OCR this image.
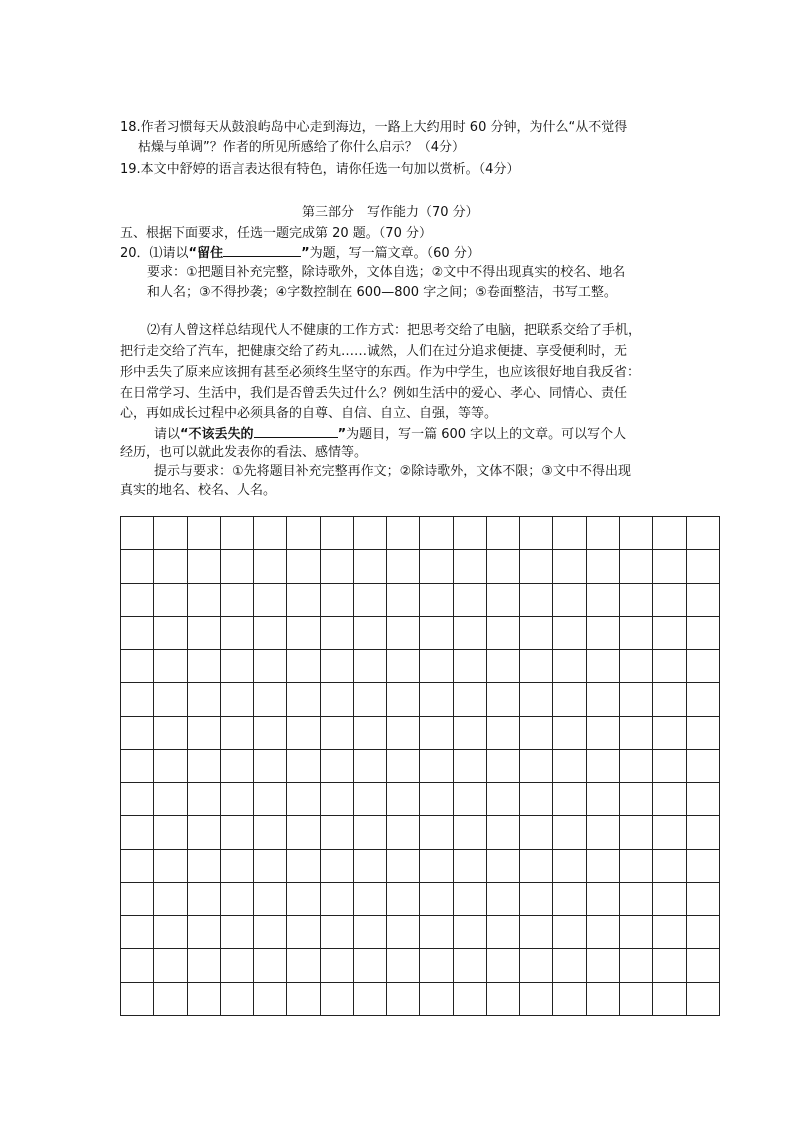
18.作者习惯每天从鼓浪屿岛中心走到海边，一路上大约用时 60 分钟，为什么“从不觉得
枯燥与单调”？作者的所见所感给了你什么启示？（4分）
19.本文中舒婷的语言表达很有特色，请你任选一句加以赏析。（4分）
第三部分　写作能力（70 分）
五、根据下面要求，任选一题完成第 20 题。（70 分）
20．⑴请以“留住	”为题，写一篇文章。（60 分）
要求：①把题目补充完整，除诗歌外，文体自选；②文中不得出现真实的校名、地名
和人名；③不得抄袭；④字数控制在 600—800 字之间；⑤卷面整洁，书写工整。
⑵有人曾这样总结现代人不健康的工作方式：把思考交给了电脑，把联系交给了手机，
把行走交给了汽车，把健康交给了药丸……诚然，人们在过分追求便捷、享受便利时，无
形中丢失了原来应该拥有甚至必须终生坚守的东西。作为中学生，也应该很好地自我反省：
在日常学习、生活中，我们是否曾丢失过什么？例如生活中的爱心、孝心、同情心、责任
心，再如成长过程中必须具备的自尊、自信、自立、自强，等等。
请以“不该丢失的	”为题目，写一篇 600 字以上的文章。可以写个人
经历，也可以就此发表你的看法、感情等。
提示与要求：①先将题目补充完整再作文；②除诗歌外，文体不限；③文中不得出现
真实的地名、校名、人名。
